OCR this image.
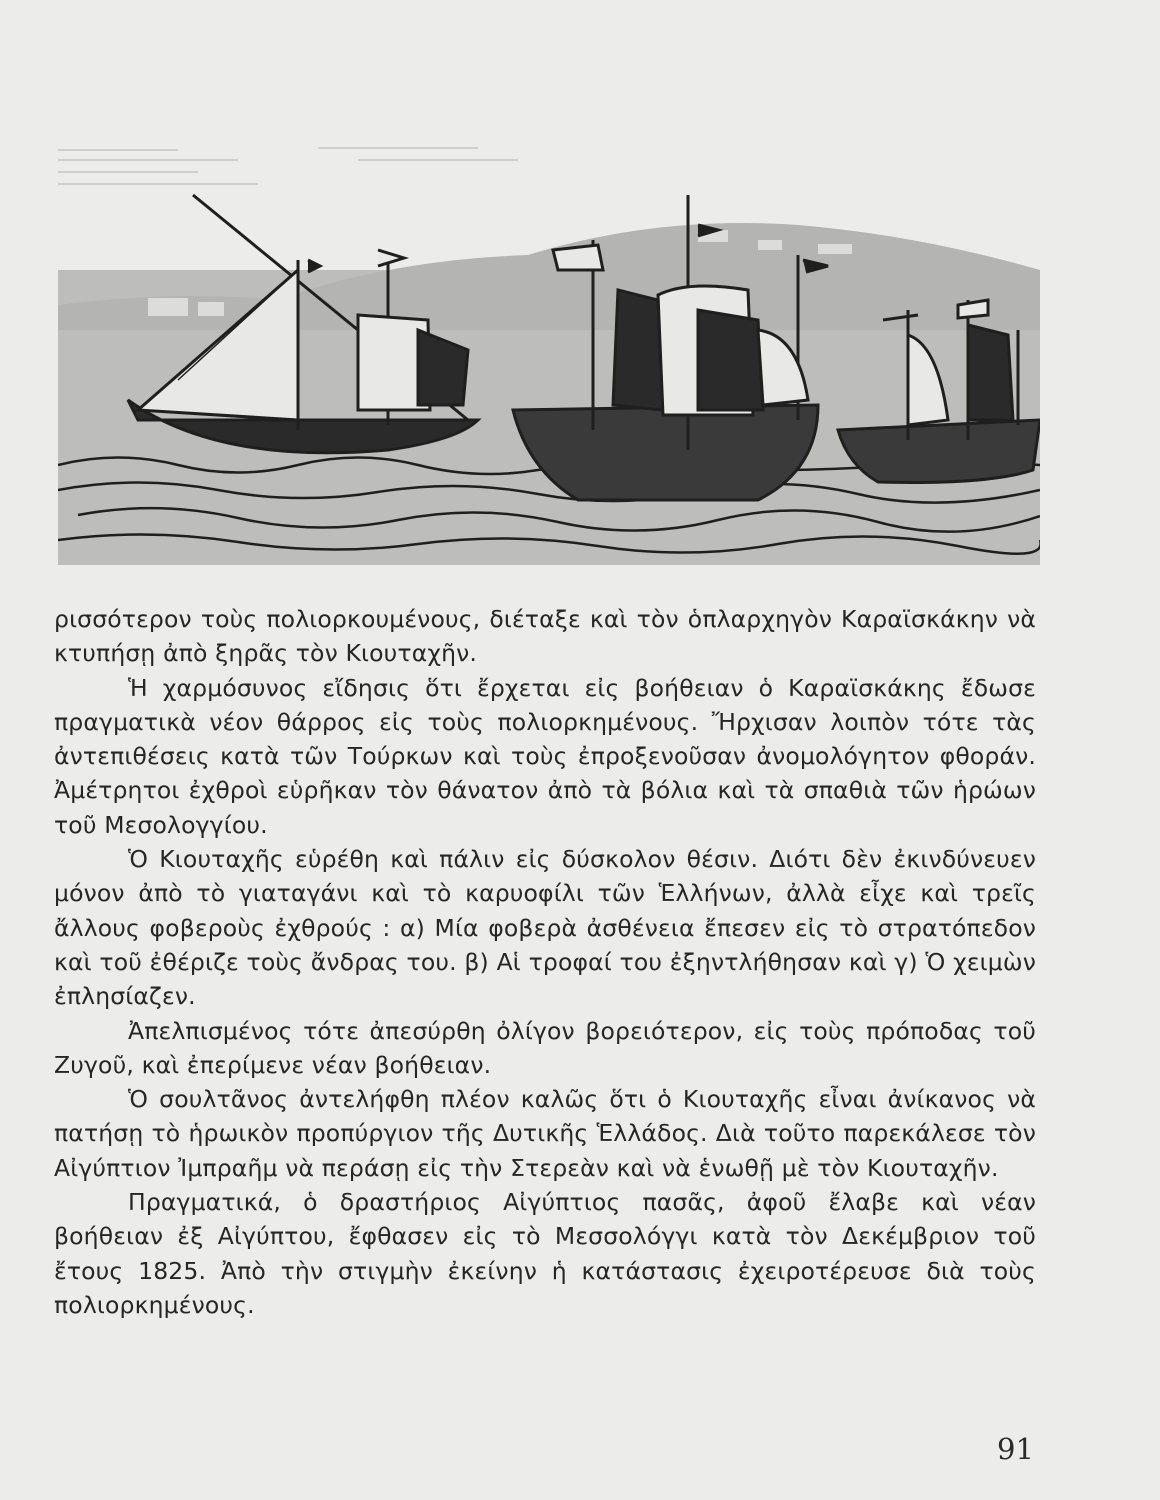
ρισσότερον τοὺς πολιορκουμένους, διέταξε καὶ τὸν ὁπλαρχηγὸν Καραϊσκάκην νὰ κτυπήσῃ ἀπὸ ξηρᾶς τὸν Κιουταχῆν.

Ἡ χαρμόσυνος εἴδησις ὅτι ἔρχεται εἰς βοήθειαν ὁ Καραϊσκάκης ἔδωσε πραγματικὰ νέον θάρρος εἰς τοὺς πολιορκημένους. Ἤρχισαν λοιπὸν τότε τὰς ἀντεπιθέσεις κατὰ τῶν Τούρκων καὶ τοὺς ἐπροξενοῦσαν ἀνομολόγητον φθοράν. Ἀμέτρητοι ἐχθροὶ εὑρῆκαν τὸν θάνατον ἀπὸ τὰ βόλια καὶ τὰ σπαθιὰ τῶν ἡρώων τοῦ Μεσολογγίου.

Ὁ Κιουταχῆς εὑρέθη καὶ πάλιν εἰς δύσκολον θέσιν. Διότι δὲν ἐκινδύνευεν μόνον ἀπὸ τὸ γιαταγάνι καὶ τὸ καρυοφίλι τῶν Ἑλλήνων, ἀλλὰ εἶχε καὶ τρεῖς ἄλλους φοβεροὺς ἐχθρούς : α) Μία φοβερὰ ἀσθένεια ἔπεσεν εἰς τὸ στρατόπεδον καὶ τοῦ ἐθέριζε τοὺς ἄνδρας του. β) Αἱ τροφαί του ἐξηντλήθησαν καὶ γ) Ὁ χειμὼν ἐπλησίαζεν.

Ἀπελπισμένος τότε ἀπεσύρθη ὀλίγον βορειότερον, εἰς τοὺς πρόποδας τοῦ Ζυγοῦ, καὶ ἐπερίμενε νέαν βοήθειαν.

Ὁ σουλτᾶνος ἀντελήφθη πλέον καλῶς ὅτι ὁ Κιουταχῆς εἶναι ἀνίκανος νὰ πατήσῃ τὸ ἡρωικὸν προπύργιον τῆς Δυτικῆς Ἑλλάδος. Διὰ τοῦτο παρεκάλεσε τὸν Αἰγύπτιον Ἰμπραῆμ νὰ περάσῃ εἰς τὴν Στερεὰν καὶ νὰ ἑνωθῇ μὲ τὸν Κιουταχῆν.

Πραγματικά, ὁ δραστήριος Αἰγύπτιος πασᾶς, ἀφοῦ ἔλαβε καὶ νέαν βοήθειαν ἐξ Αἰγύπτου, ἔφθασεν εἰς τὸ Μεσσολόγγι κατὰ τὸν Δεκέμβριον τοῦ ἔτους 1825. Ἀπὸ τὴν στιγμὴν ἐκείνην ἡ κατάστασις ἐχειροτέρευσε διὰ τοὺς πολιορκημένους.

91
